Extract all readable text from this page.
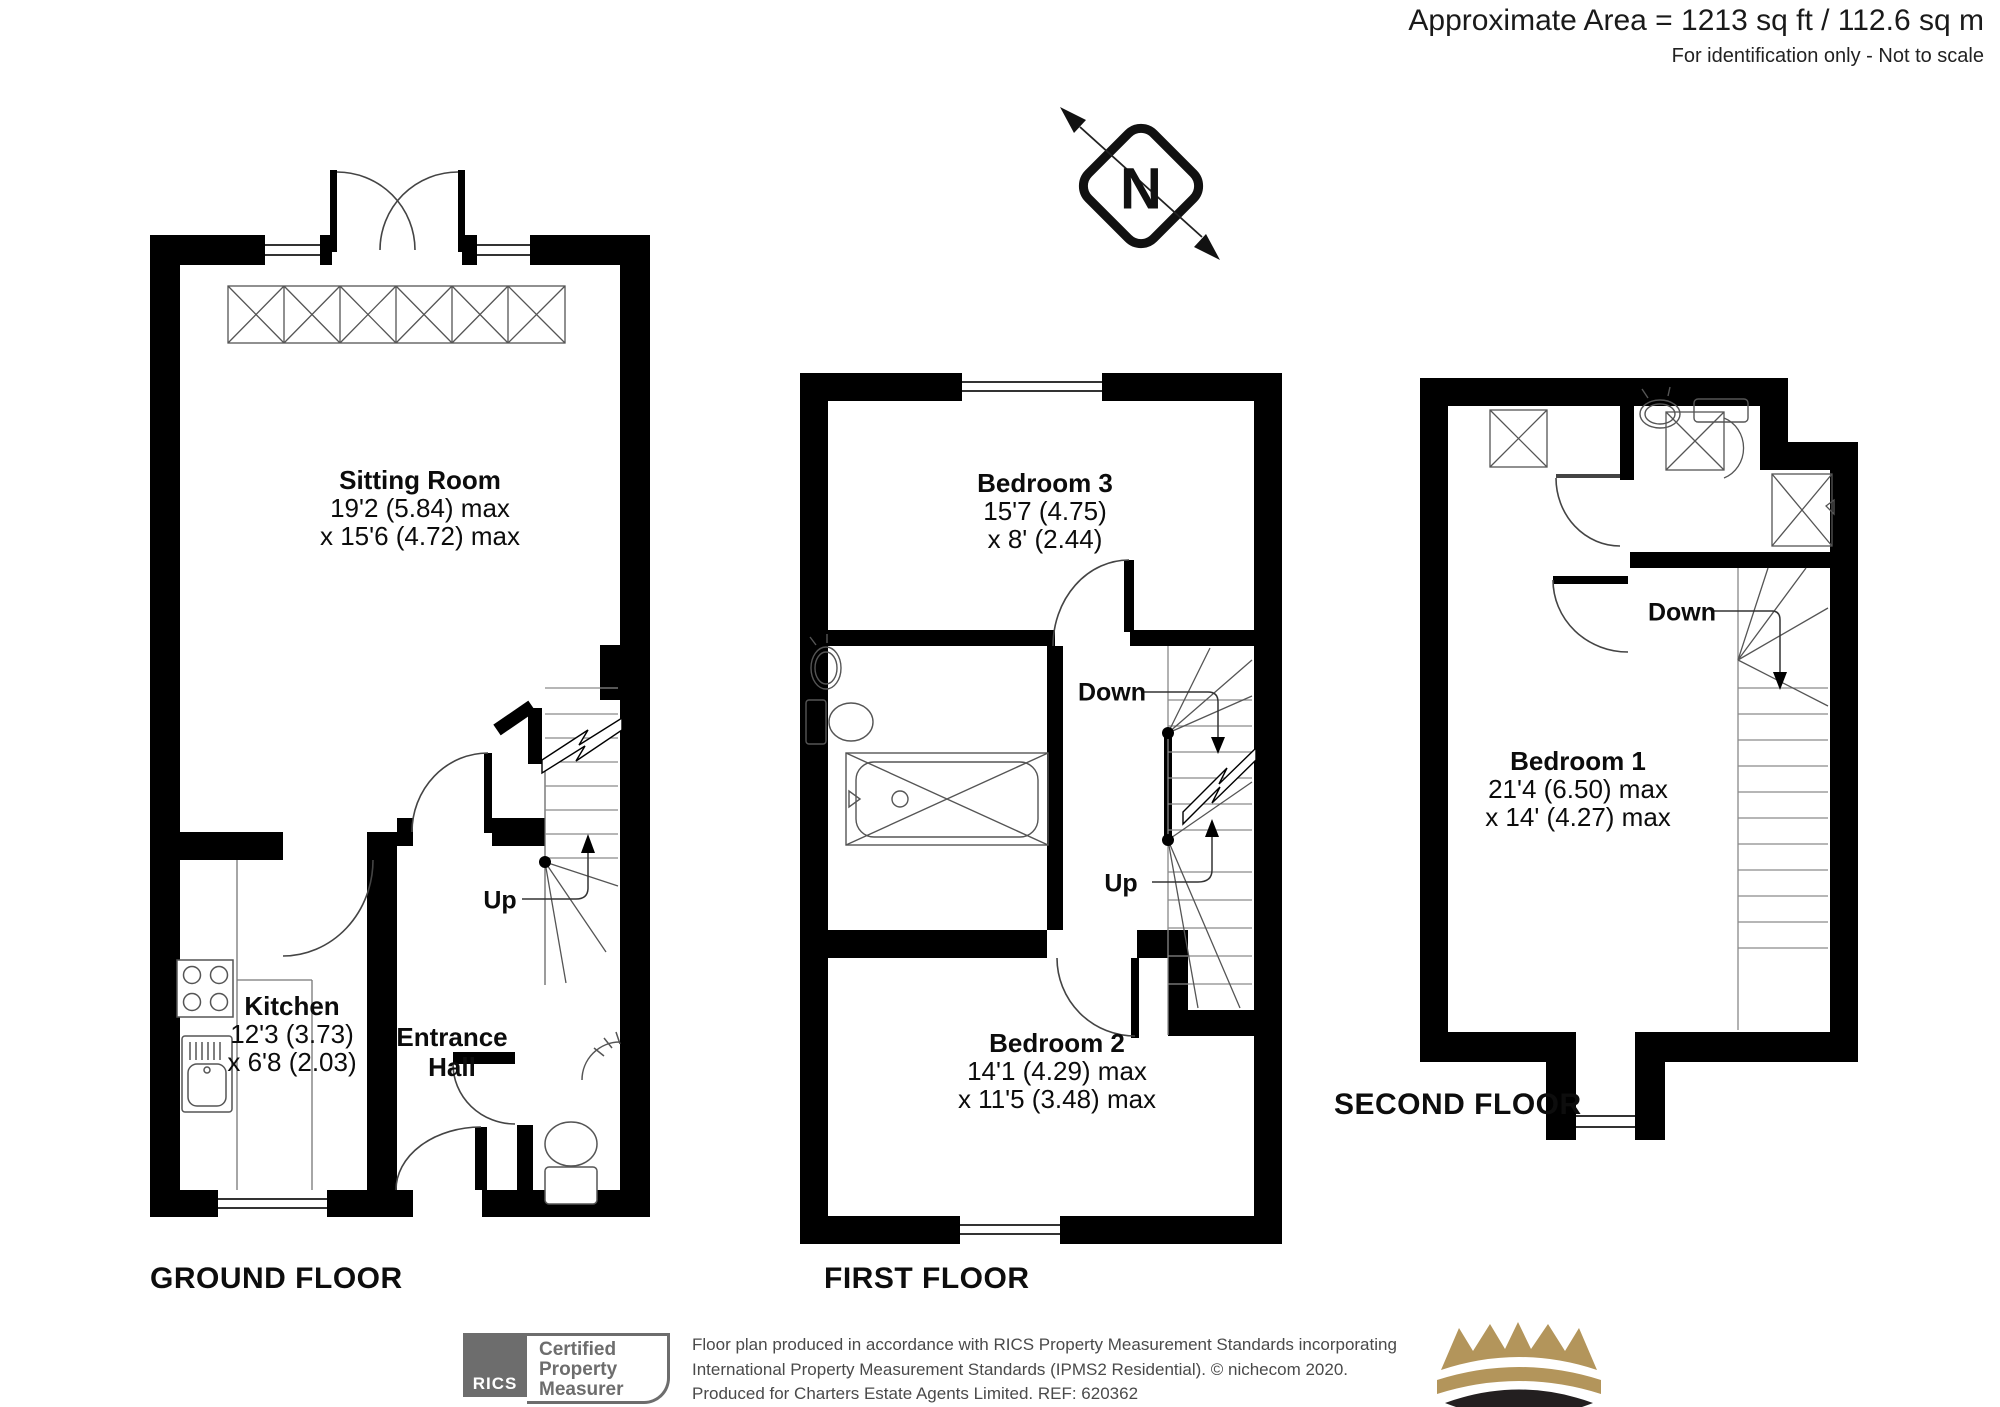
Approximate Area = 1213 sq ft / 112.6 sq m
For identification only - Not to scale
N
Sitting Room
19'2 (5.84) max
x 15'6 (4.72) max
Kitchen
12'3 (3.73)
x 6'8 (2.03)
Entrance Hall
Up
Bedroom 3
15'7 (4.75)
x 8' (2.44)
Bedroom 2
14'1 (4.29) max
x 11'5 (3.48) max
Down
Up
Bedroom 1
21'4 (6.50) max
x 14' (4.27) max
Down
GROUND FLOOR	FIRST FLOOR
SECOND FLOOR
RICS
Certified
Property
Measurer
Floor plan produced in accordance with RICS Property Measurement Standards incorporating
International Property Measurement Standards (IPMS2 Residential). © nichecom 2020.
Produced for Charters Estate Agents Limited. REF: 620362
